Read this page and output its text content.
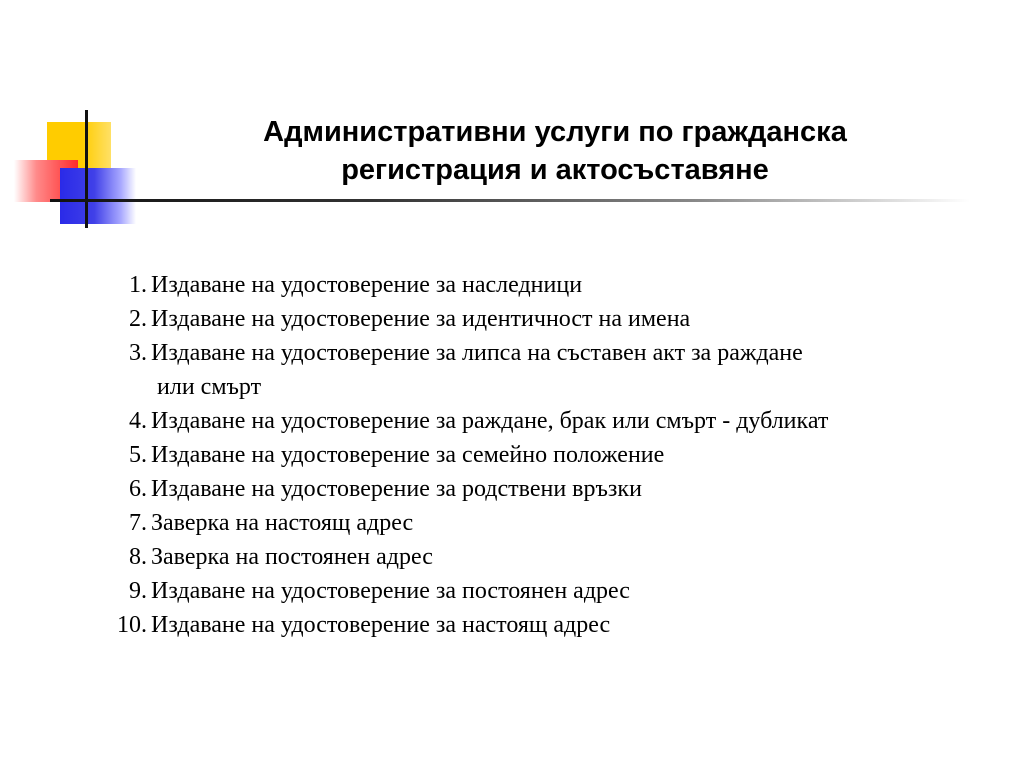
Административни услуги по гражданска
регистрация и актосъставяне
1. Издаване на удостоверение за наследници
2. Издаване на удостоверение за идентичност на имена
3. Издаване на удостоверение за липса на съставен акт за раждане
или смърт
4. Издаване на удостоверение за раждане, брак или смърт - дубликат
5. Издаване на удостоверение за семейно положение
6. Издаване на удостоверение за родствени връзки
7. Заверка на настоящ адрес
8. Заверка на постоянен адрес
9. Издаване на удостоверение за постоянен адрес
10. Издаване на удостоверение за настоящ адрес
